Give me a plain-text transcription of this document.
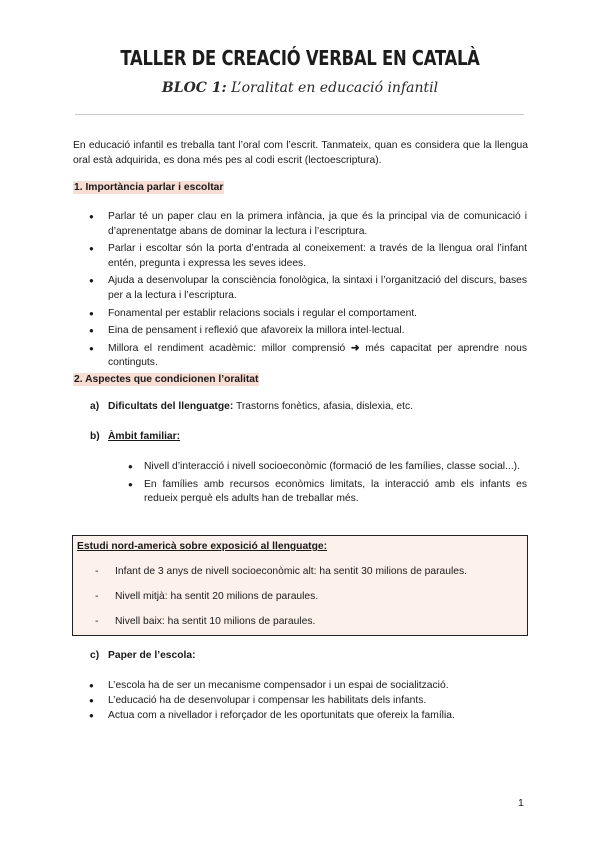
TALLER DE CREACIÓ VERBAL EN CATALÀ
BLOC 1: L’oralitat en educació infantil

En educació infantil es treballa tant l’oral com l’escrit. Tanmateix, quan es considera que la llengua oral està adquirida, es dona més pes al codi escrit (lectoescriptura).

1. Importància parlar i escoltar
● Parlar té un paper clau en la primera infància, ja que és la principal via de comunicació i d’aprenentatge abans de dominar la lectura i l’escriptura.
● Parlar i escoltar són la porta d’entrada al coneixement: a través de la llengua oral l’infant entén, pregunta i expressa les seves idees.
● Ajuda a desenvolupar la consciència fonològica, la sintaxi i l’organització del discurs, bases per a la lectura i l’escriptura.
● Fonamental per establir relacions socials i regular el comportament.
● Eina de pensament i reflexió que afavoreix la millora intel·lectual.
● Millora el rendiment acadèmic: millor comprensió ➜ més capacitat per aprendre nous continguts.
2. Aspectes que condicionen l’oralitat
a) Dificultats del llenguatge: Trastorns fonètics, afasia, dislexia, etc.
b) Àmbit familiar:
● Nivell d’interacció i nivell socioeconòmic (formació de les famílies, classe social...).
● En famílies amb recursos econòmics limitats, la interacció amb els infants es redueix perquè els adults han de treballar més.
Estudi nord-americà sobre exposició al llenguatge:
- Infant de 3 anys de nivell socioeconòmic alt: ha sentit 30 milions de paraules.
- Nivell mitjà: ha sentit 20 milions de paraules.
- Nivell baix: ha sentit 10 milions de paraules.
c) Paper de l’escola:
● L’escola ha de ser un mecanisme compensador i un espai de socialització.
● L’educació ha de desenvolupar i compensar les habilitats dels infants.
● Actua com a nivellador i reforçador de les oportunitats que ofereix la família.
1
